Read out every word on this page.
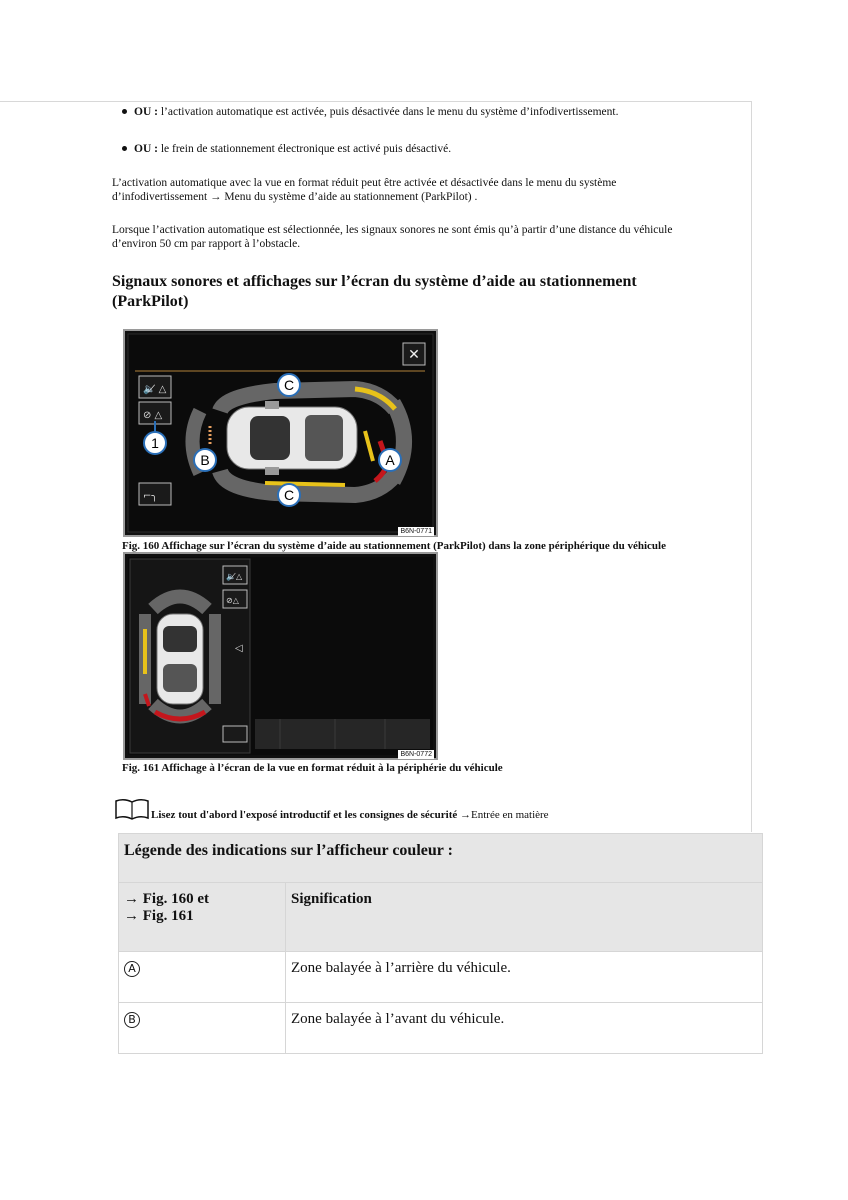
OU : l’activation automatique est activée, puis désactivée dans le menu du système d’infodivertissement.
OU : le frein de stationnement électronique est activé puis désactivé.
L’activation automatique avec la vue en format réduit peut être activée et désactivée dans le menu du système d’infodivertissement → Menu du système d’aide au stationnement (ParkPilot) .
Lorsque l’activation automatique est sélectionnée, les signaux sonores ne sont émis qu’à partir d’une distance du véhicule d’environ 50 cm par rapport à l’obstacle.
Signaux sonores et affichages sur l’écran du système d’aide au stationnement (ParkPilot)
🔈̸ △
⊘ △
⌐╮
C
C
B	A
1
✕
B6N-0771
Fig. 160 Affichage sur l’écran du système d’aide au stationnement (ParkPilot) dans la zone périphérique du véhicule
🔈̸△
⊘△
◁
B6N-0772
Fig. 161 Affichage à l’écran de la vue en format réduit à la périphérie du véhicule
Lisez tout d'abord l'exposé introductif et les consignes de sécurité →Entrée en matière
Légende des indications sur l’afficheur couleur :	

→ Fig. 160 et
→ Fig. 161	Signification
A	Zone balayée à l’arrière du véhicule.
B	Zone balayée à l’avant du véhicule.
